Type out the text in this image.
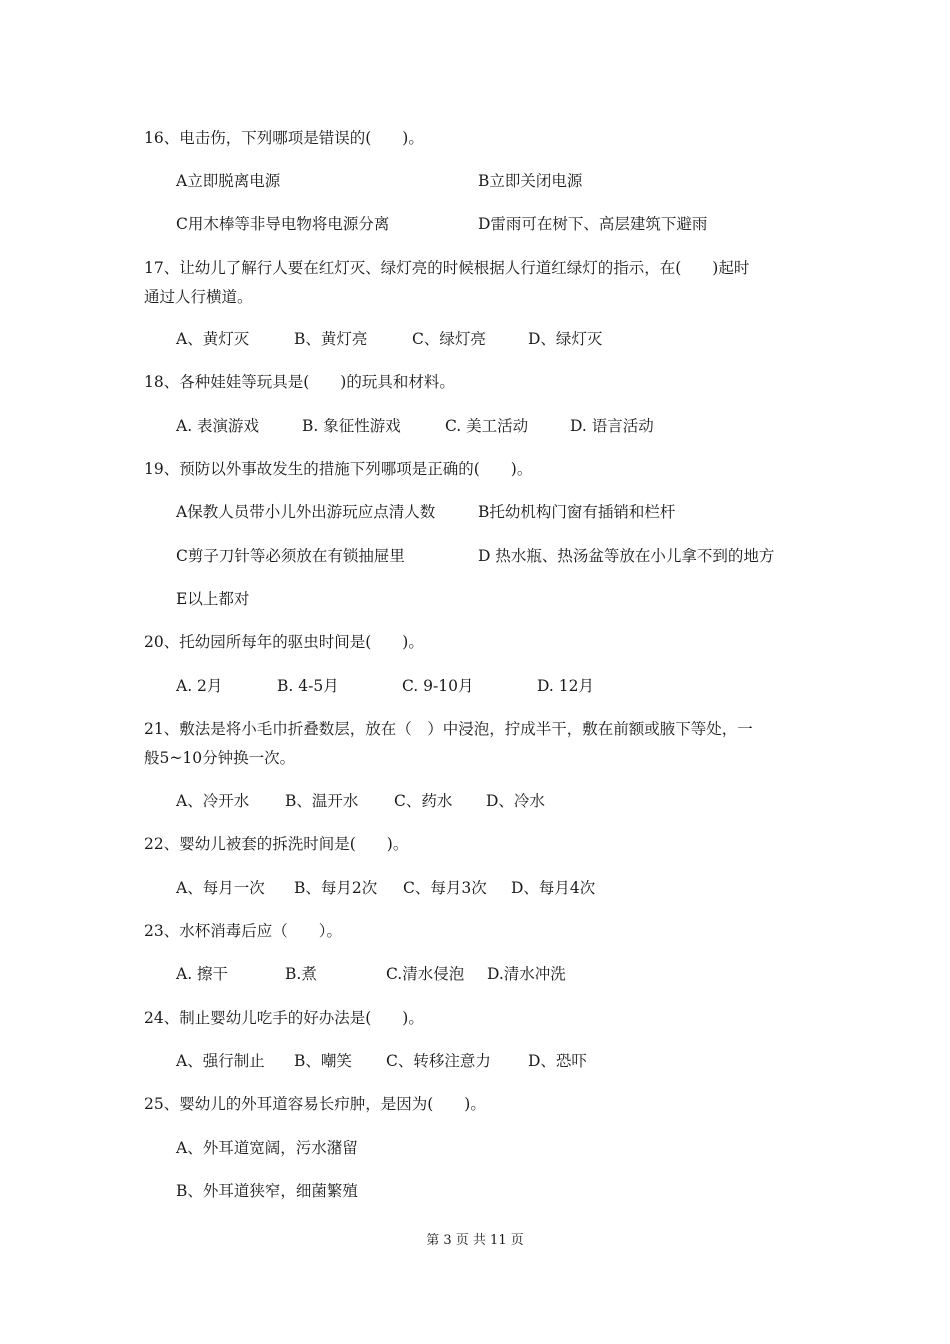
16、电击伤，下列哪项是错误的(　　)。
A立即脱离电源	B立即关闭电源
C用木棒等非导电物将电源分离	D雷雨可在树下、高层建筑下避雨
17、让幼儿了解行人要在红灯灭、绿灯亮的时候根据人行道红绿灯的指示，在(　　)起时
通过人行横道。
A、黄灯灭	B、黄灯亮	C、绿灯亮	D、绿灯灭
18、各种娃娃等玩具是(　　)的玩具和材料。
A. 表演游戏	B. 象征性游戏	C. 美工活动	D. 语言活动
19、预防以外事故发生的措施下列哪项是正确的(　　)。
A保教人员带小儿外出游玩应点清人数	B托幼机构门窗有插销和栏杆
C剪子刀针等必须放在有锁抽屉里	D 热水瓶、热汤盆等放在小儿拿不到的地方
E以上都对
20、托幼园所每年的驱虫时间是(　　)。
A. 2月	B. 4-5月	C. 9-10月	D. 12月
21、敷法是将小毛巾折叠数层，放在（　）中浸泡，拧成半干，敷在前额或腋下等处，一
般5~10分钟换一次。
A、冷开水 B、温开水 C、药水 D、冷水
22、婴幼儿被套的拆洗时间是(　　)。
A、每月一次 B、每月2次 C、每月3次 D、每月4次
23、水杯消毒后应（　　）。
A. 擦干	B.煮	C.清水侵泡 D.清水冲洗
24、制止婴幼儿吃手的好办法是(　　)。
A、强行制止 B、嘲笑 C、转移注意力 D、恐吓
25、婴幼儿的外耳道容易长疖肿，是因为(　　)。
A、外耳道宽阔，污水潴留
B、外耳道狭窄，细菌繁殖
第 3 页 共 11 页
